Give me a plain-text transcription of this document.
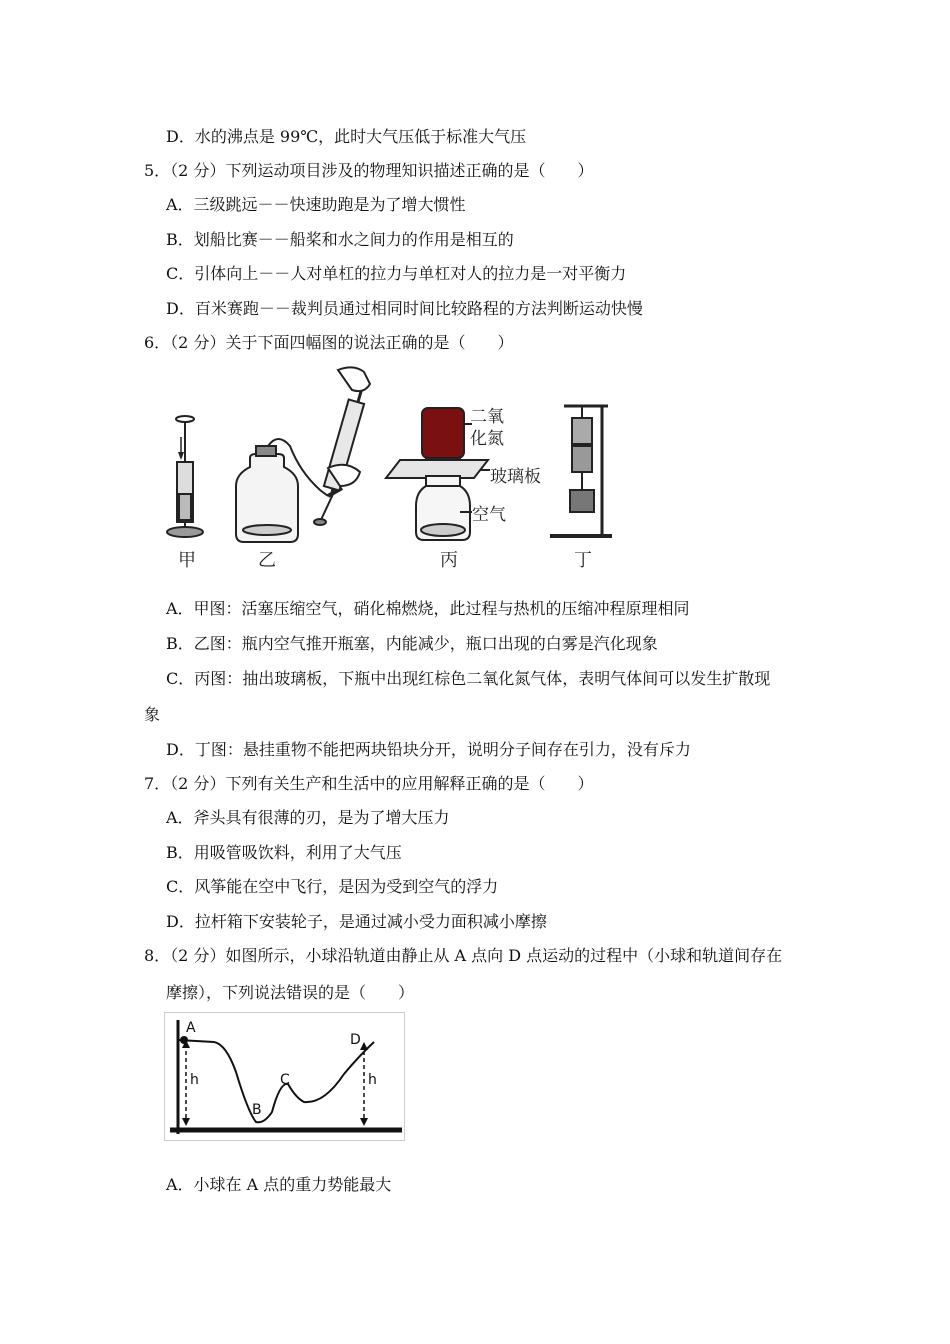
D．水的沸点是 99℃，此时大气压低于标准大气压
5．（2 分）下列运动项目涉及的物理知识描述正确的是（　　）
A．三级跳远－－快速助跑是为了增大惯性
B．划船比赛－－船桨和水之间力的作用是相互的
C．引体向上－－人对单杠的拉力与单杠对人的拉力是一对平衡力
D．百米赛跑－－裁判员通过相同时间比较路程的方法判断运动快慢
6．（2 分）关于下面四幅图的说法正确的是（　　）
甲	乙
二氧
化氮
玻璃板
空气
丙	丁
A．甲图：活塞压缩空气，硝化棉燃烧，此过程与热机的压缩冲程原理相同
B．乙图：瓶内空气推开瓶塞，内能减少，瓶口出现的白雾是汽化现象
C．丙图：抽出玻璃板，下瓶中出现红棕色二氧化氮气体，表明气体间可以发生扩散现
象
D．丁图：悬挂重物不能把两块铅块分开，说明分子间存在引力，没有斥力
7．（2 分）下列有关生产和生活中的应用解释正确的是（　　）
A．斧头具有很薄的刃，是为了增大压力
B．用吸管吸饮料，利用了大气压
C．风筝能在空中飞行，是因为受到空气的浮力
D．拉杆箱下安装轮子，是通过减小受力面积减小摩擦
8．（2 分）如图所示，小球沿轨道由静止从 A 点向 D 点运动的过程中（小球和轨道间存在
摩擦），下列说法错误的是（　　）
A
B
C
D
h	h
A．小球在 A 点的重力势能最大
